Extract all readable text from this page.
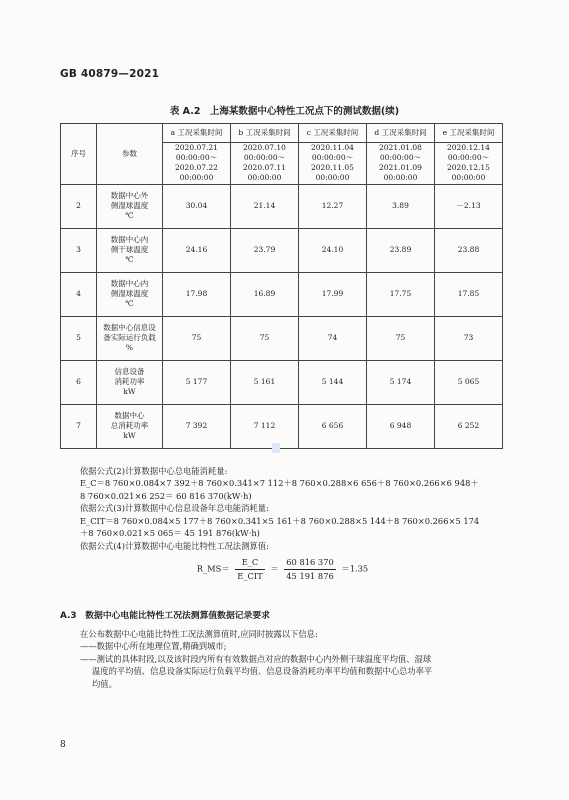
GB 40879—2021
表 A.2　上海某数据中心特性工况点下的测试数据(续)
序号	参数	a 工况采集时间	b 工况采集时间	c 工况采集时间	d 工况采集时间	e 工况采集时间

		2020.07.21
00:00:00～
2020.07.22
00:00:00	2020.07.10
00:00:00～
2020.07.11
00:00:00	2020.11.04
00:00:00～
2020.11.05
00:00:00	2021.01.08
00:00:00～
2021.01.09
00:00:00	2020.12.14
00:00:00～
2020.12.15
00:00:00

2	数据中心外
侧湿球温度
℃	30.04	21.14	12.27	3.89	－2.13
3	数据中心内
侧干球温度
℃	24.16	23.79	24.10	23.89	23.88
4	数据中心内
侧湿球温度
℃	17.98	16.89	17.99	17.75	17.85
5	数据中心信息设
备实际运行负载
%	75	75	74	75	73
6	信息设备
消耗功率
kW	5 177	5 161	5 144	5 174	5 065
7	数据中心
总消耗功率
kW	7 392	7 112	6 656	6 948	6 252
依据公式(2)计算数据中心总电能消耗量:
E_C＝8 760×0.084×7 392＋8 760×0.341×7 112＋8 760×0.288×6 656＋8 760×0.266×6 948＋
8 760×0.021×6 252＝ 60 816 370(kW·h)
依据公式(3)计算数据中心信息设备年总电能消耗量:
E_CIT＝8 760×0.084×5 177＋8 760×0.341×5 161＋8 760×0.288×5 144＋8 760×0.266×5 174
＋8 760×0.021×5 065＝ 45 191 876(kW·h)
依据公式(4)计算数据中心电能比特性工况法测算值:
R_MS＝ $\frac{E\_C}{\text{E\_CIT}} = \frac{60 816 370}{45 191 876} =1.35$
A.3　数据中心电能比特性工况法测算值数据记录要求
在公布数据中心电能比特性工况法测算值时,应同时披露以下信息:
——数据中心所在地理位置,精确到城市;
——测试的具体时段,以及该时段内所有有效数据点对应的数据中心内外侧干球温度平均值、湿球
温度的平均值、信息设备实际运行负载平均值、信息设备消耗功率平均值和数据中心总功率平
均值。
8
